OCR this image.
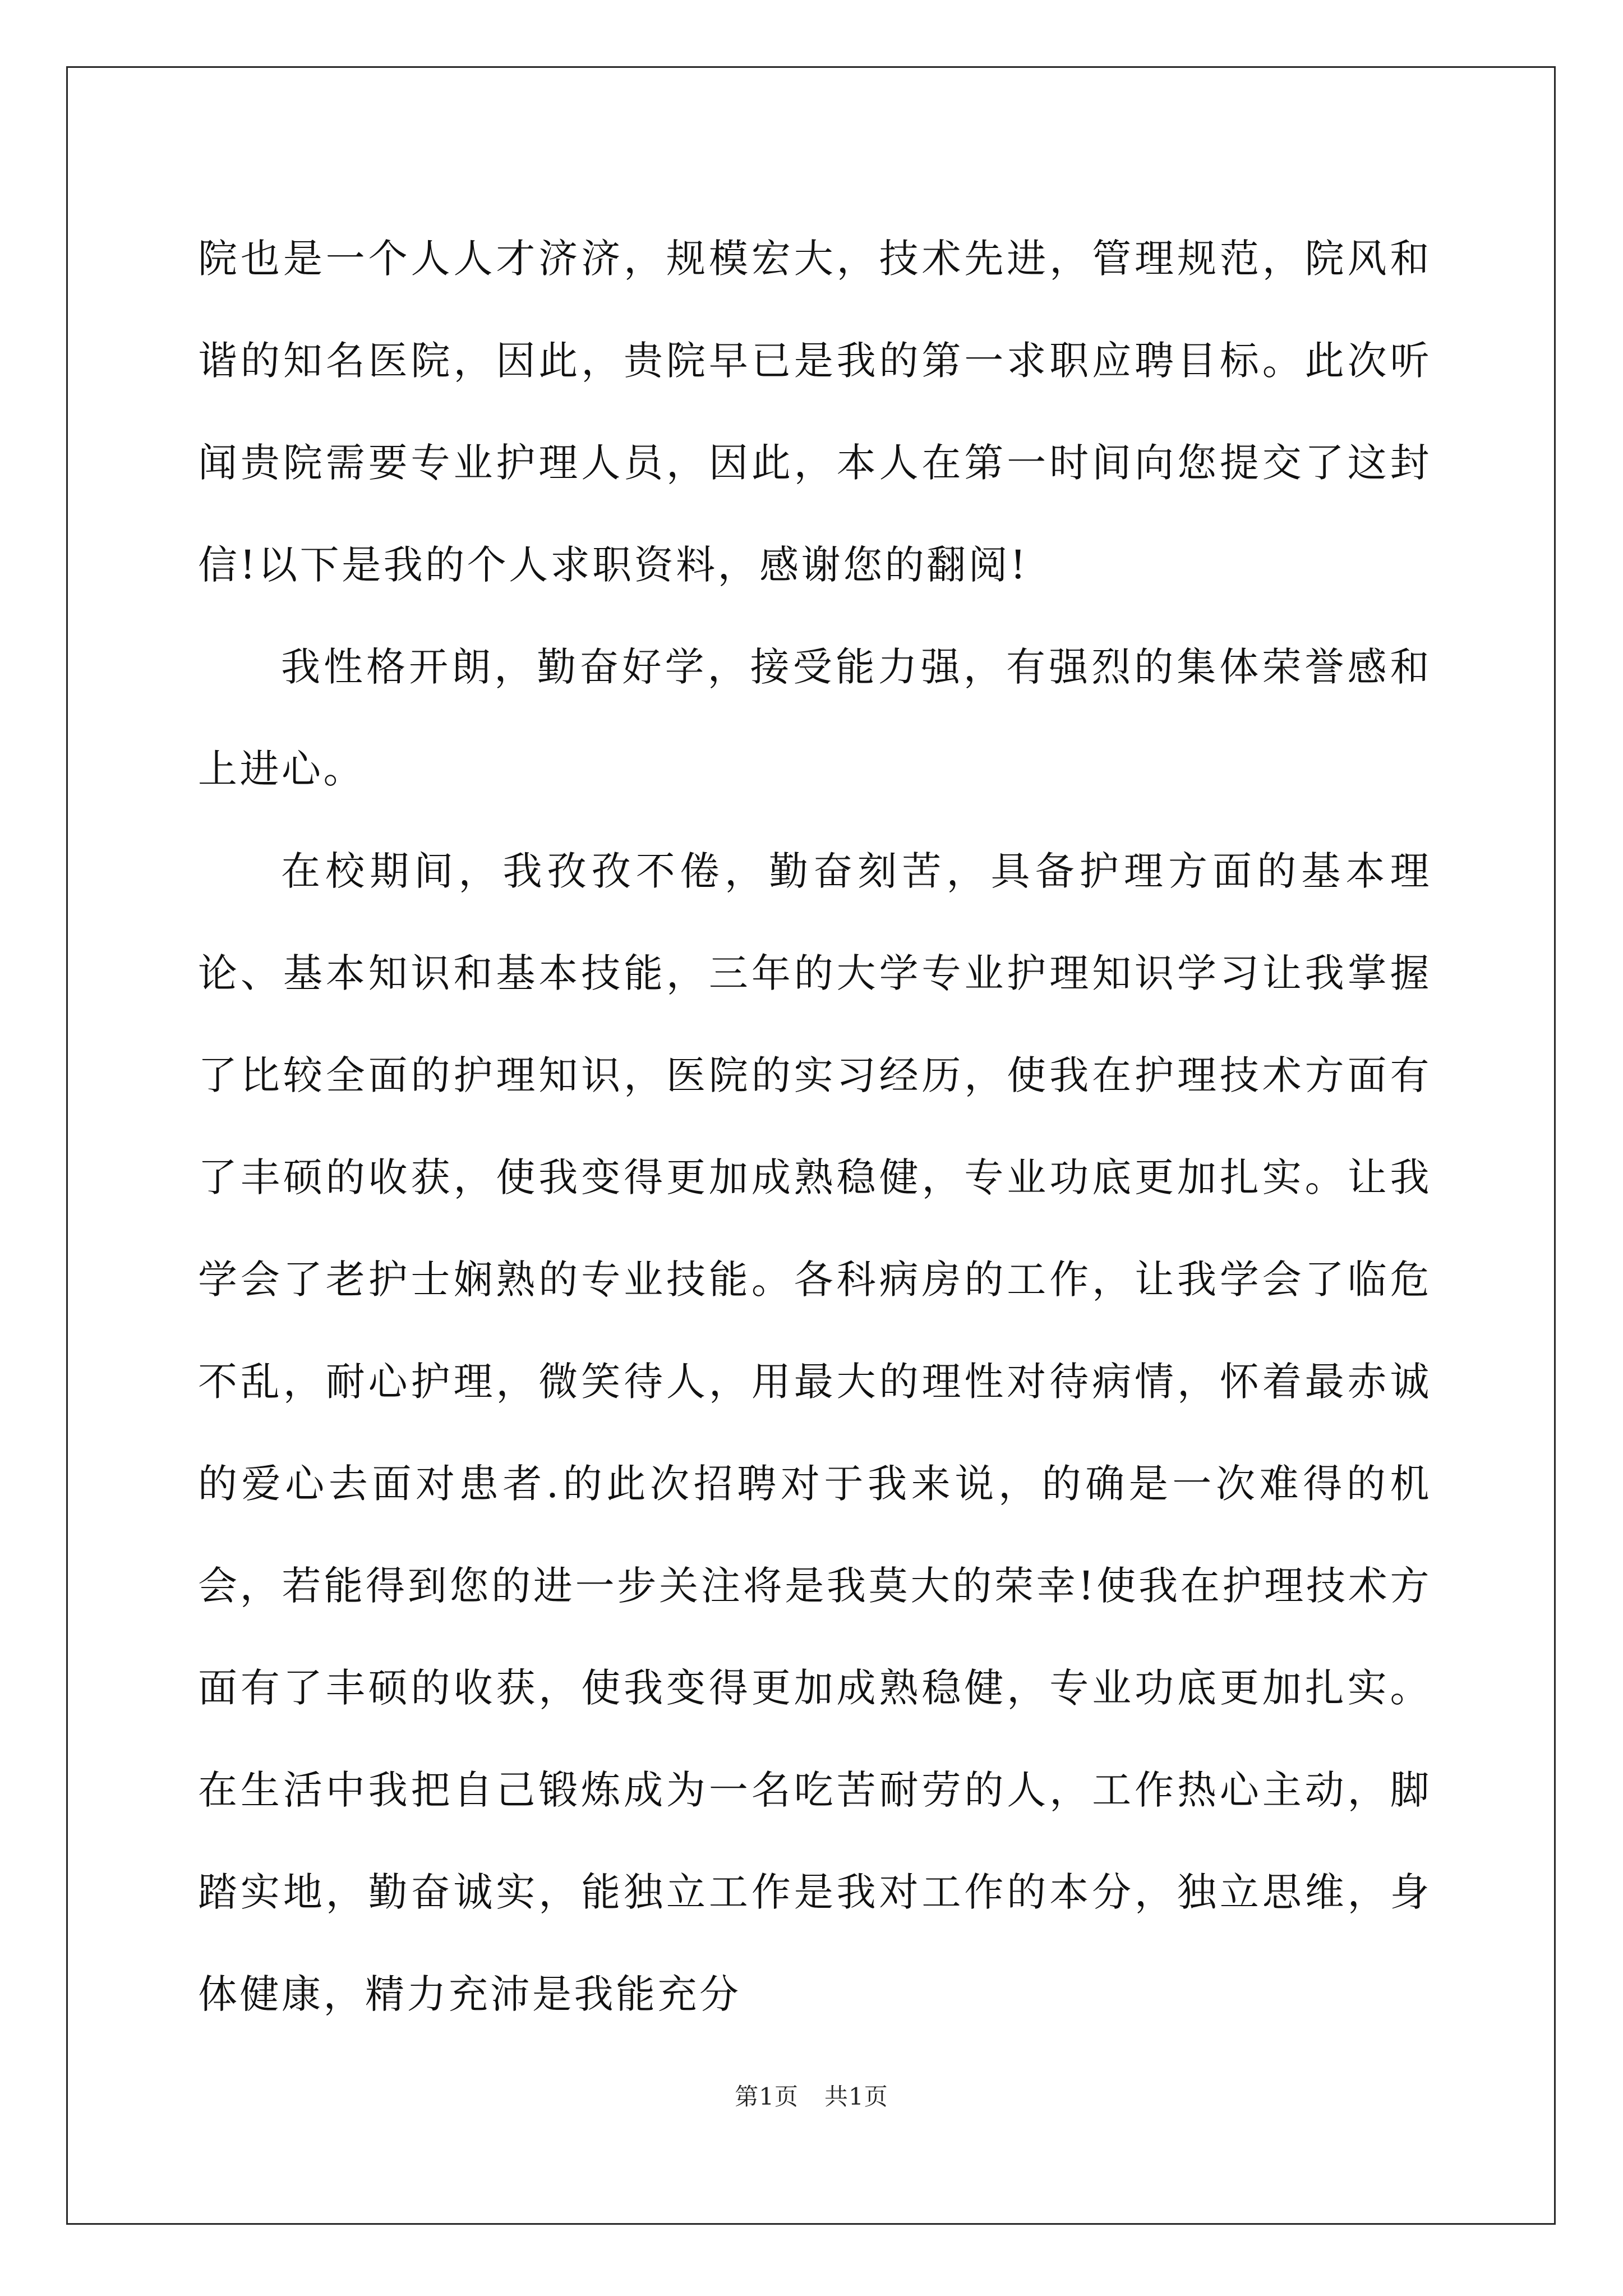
院也是一个人人才济济，规模宏大，技术先进，管理规范，院风和谐的知名医院，因此，贵院早已是我的第一求职应聘目标。此次听闻贵院需要专业护理人员，因此，本人在第一时间向您提交了这封信!以下是我的个人求职资料，感谢您的翻阅!

我性格开朗，勤奋好学，接受能力强，有强烈的集体荣誉感和上进心。

在校期间，我孜孜不倦，勤奋刻苦，具备护理方面的基本理论、基本知识和基本技能，三年的大学专业护理知识学习让我掌握了比较全面的护理知识，医院的实习经历，使我在护理技术方面有了丰硕的收获，使我变得更加成熟稳健，专业功底更加扎实。让我学会了老护士娴熟的专业技能。各科病房的工作，让我学会了临危不乱，耐心护理，微笑待人，用最大的理性对待病情，怀着最赤诚的爱心去面对患者.的此次招聘对于我来说，的确是一次难得的机会，若能得到您的进一步关注将是我莫大的荣幸!使我在护理技术方面有了丰硕的收获，使我变得更加成熟稳健，专业功底更加扎实。在生活中我把自己锻炼成为一名吃苦耐劳的人，工作热心主动，脚踏实地，勤奋诚实，能独立工作是我对工作的本分，独立思维，身体健康，精力充沛是我能充分

第1页 共1页
